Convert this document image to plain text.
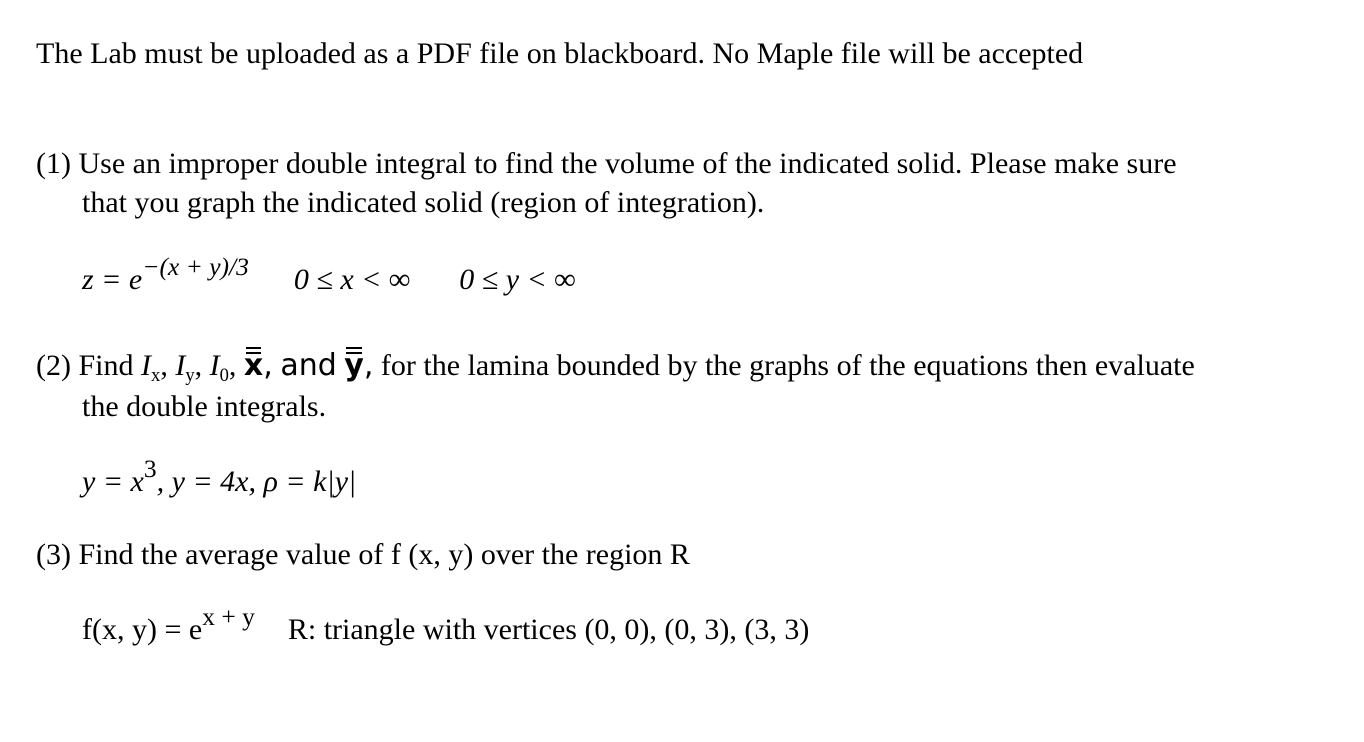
The Lab must be uploaded as a PDF file on blackboard. No Maple file will be accepted
(1) Use an improper double integral to find the volume of the indicated solid. Please make sure
that you graph the indicated solid (region of integration).
$z = e^{-(x + y)/3}$ 0 ≤ x < ∞ 0 ≤ y < ∞
(2) Find Ix, Iy, I0, x, and y, for the lamina bounded by the graphs of the equations then evaluate
the double integrals.
$y = x^3$, y = 4x, ρ = k|y|
(3) Find the average value of f (x, y) over the region R
f(x, $y) = e^{x + y}$ R: triangle with vertices (0, 0), (0, 3), (3, 3)
